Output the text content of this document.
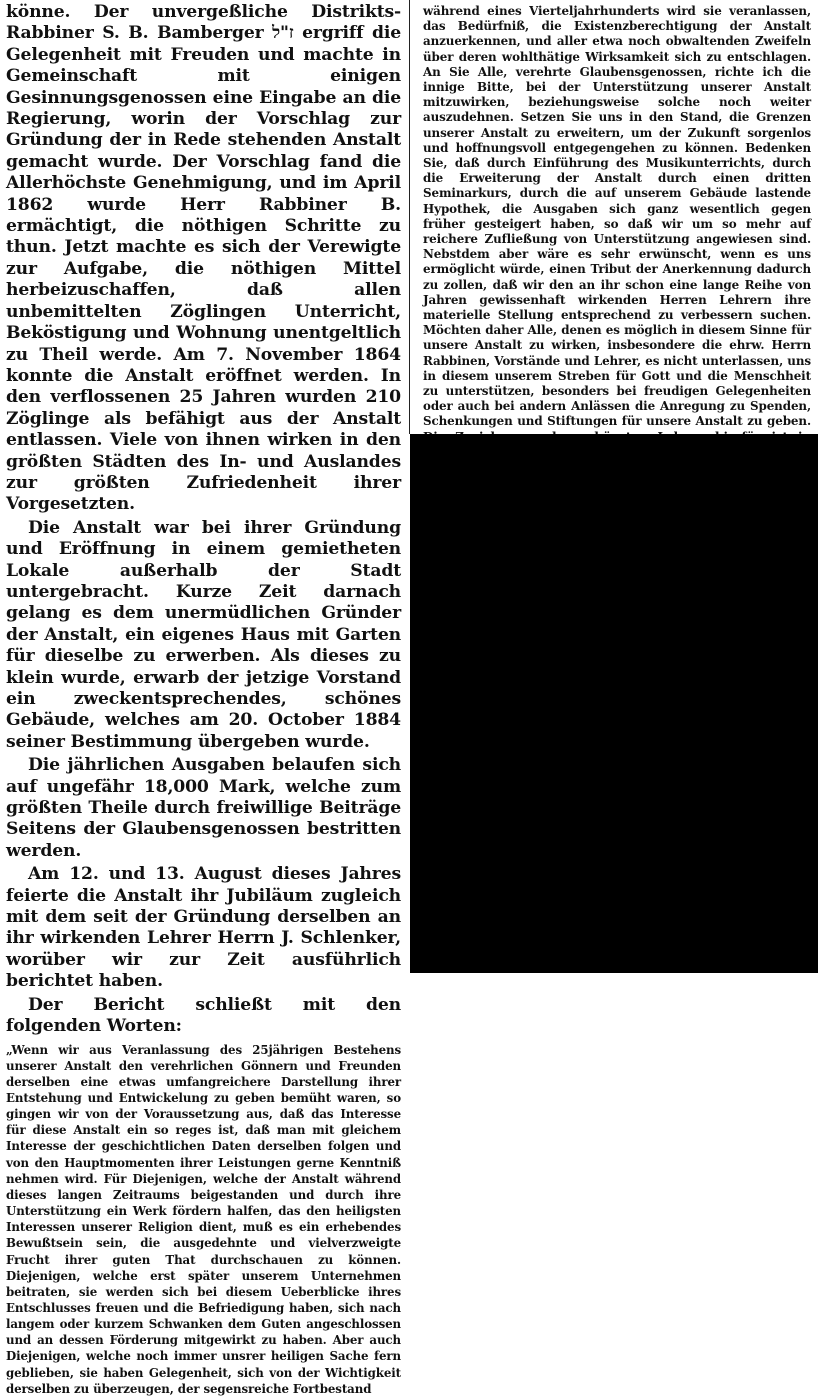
könne. Der unvergeßliche Distrikts-Rabbiner S. B. Bamberger ז"ל ergriff die Gelegenheit mit Freuden und machte in Gemeinschaft mit einigen Gesinnungsgenossen eine Eingabe an die Regierung, worin der Vorschlag zur Gründung der in Rede stehenden Anstalt gemacht wurde. Der Vorschlag fand die Allerhöchste Genehmigung, und im April 1862 wurde Herr Rabbiner B. ermächtigt, die nöthigen Schritte zu thun. Jetzt machte es sich der Verewigte zur Aufgabe, die nöthigen Mittel herbeizuschaffen, daß allen unbemittelten Zöglingen Unterricht, Beköstigung und Wohnung unentgeltlich zu Theil werde. Am 7. November 1864 konnte die Anstalt eröffnet werden. In den verflossenen 25 Jahren wurden 210 Zöglinge als befähigt aus der Anstalt entlassen. Viele von ihnen wirken in den größten Städten des In- und Auslandes zur größten Zufriedenheit ihrer Vorgesetzten.

Die Anstalt war bei ihrer Gründung und Eröffnung in einem gemietheten Lokale außerhalb der Stadt untergebracht. Kurze Zeit darnach gelang es dem unermüdlichen Gründer der Anstalt, ein eigenes Haus mit Garten für dieselbe zu erwerben. Als dieses zu klein wurde, erwarb der jetzige Vorstand ein zweckentsprechendes, schönes Gebäude, welches am 20. October 1884 seiner Bestimmung übergeben wurde.

Die jährlichen Ausgaben belaufen sich auf ungefähr 18,000 Mark, welche zum größten Theile durch freiwillige Beiträge Seitens der Glaubensgenossen bestritten werden.

Am 12. und 13. August dieses Jahres feierte die Anstalt ihr Jubiläum zugleich mit dem seit der Gründung derselben an ihr wirkenden Lehrer Herrn J. Schlenker, worüber wir zur Zeit ausführlich berichtet haben.

Der Bericht schließt mit den folgenden Worten:

„Wenn wir aus Veranlassung des 25jährigen Bestehens unserer Anstalt den verehrlichen Gönnern und Freunden derselben eine etwas umfangreichere Darstellung ihrer Entstehung und Entwickelung zu geben bemüht waren, so gingen wir von der Voraussetzung aus, daß das Interesse für diese Anstalt ein so reges ist, daß man mit gleichem Interesse der geschichtlichen Daten derselben folgen und von den Hauptmomenten ihrer Leistungen gerne Kenntniß nehmen wird. Für Diejenigen, welche der Anstalt während dieses langen Zeitraums beigestanden und durch ihre Unterstützung ein Werk fördern halfen, das den heiligsten Interessen unserer Religion dient, muß es ein erhebendes Bewußtsein sein, die ausgedehnte und vielverzweigte Frucht ihrer guten That durchschauen zu können. Diejenigen, welche erst später unserem Unternehmen beitraten, sie werden sich bei diesem Ueberblicke ihres Entschlusses freuen und die Befriedigung haben, sich nach langem oder kurzem Schwanken dem Guten angeschlossen und an dessen Förderung mitgewirkt zu haben. Aber auch Diejenigen, welche noch immer unsrer heiligen Sache fern geblieben, sie haben Gelegenheit, sich von der Wichtigkeit derselben zu überzeugen, der segensreiche Fortbestand

während eines Vierteljahrhunderts wird sie veranlassen, das Bedürfniß, die Existenzberechtigung der Anstalt anzuerkennen, und aller etwa noch obwaltenden Zweifeln über deren wohlthätige Wirksamkeit sich zu entschlagen. An Sie Alle, verehrte Glaubensgenossen, richte ich die innige Bitte, bei der Unterstützung unserer Anstalt mitzuwirken, beziehungsweise solche noch weiter auszudehnen. Setzen Sie uns in den Stand, die Grenzen unserer Anstalt zu erweitern, um der Zukunft sorgenlos und hoffnungsvoll entgegengehen zu können. Bedenken Sie, daß durch Einführung des Musikunterrichts, durch die Erweiterung der Anstalt durch einen dritten Seminarkurs, durch die auf unserem Gebäude lastende Hypothek, die Ausgaben sich ganz wesentlich gegen früher gesteigert haben, so daß wir um so mehr auf reichere Zufließung von Unterstützung angewiesen sind. Nebstdem aber wäre es sehr erwünscht, wenn es uns ermöglicht würde, einen Tribut der Anerkennung dadurch zu zollen, daß wir den an ihr schon eine lange Reihe von Jahren gewissenhaft wirkenden Herren Lehrern ihre materielle Stellung entsprechend zu verbessern suchen. Möchten daher Alle, denen es möglich in diesem Sinne für unsere Anstalt zu wirken, insbesondere die ehrw. Herrn Rabbinen, Vorstände und Lehrer, es nicht unterlassen, uns in diesem unserem Streben für Gott und die Menschheit zu unterstützen, besonders bei freudigen Gelegenheiten oder auch bei andern Anlässen die Anregung zu Spenden, Schenkungen und Stiftungen für unsere Anstalt zu geben.
